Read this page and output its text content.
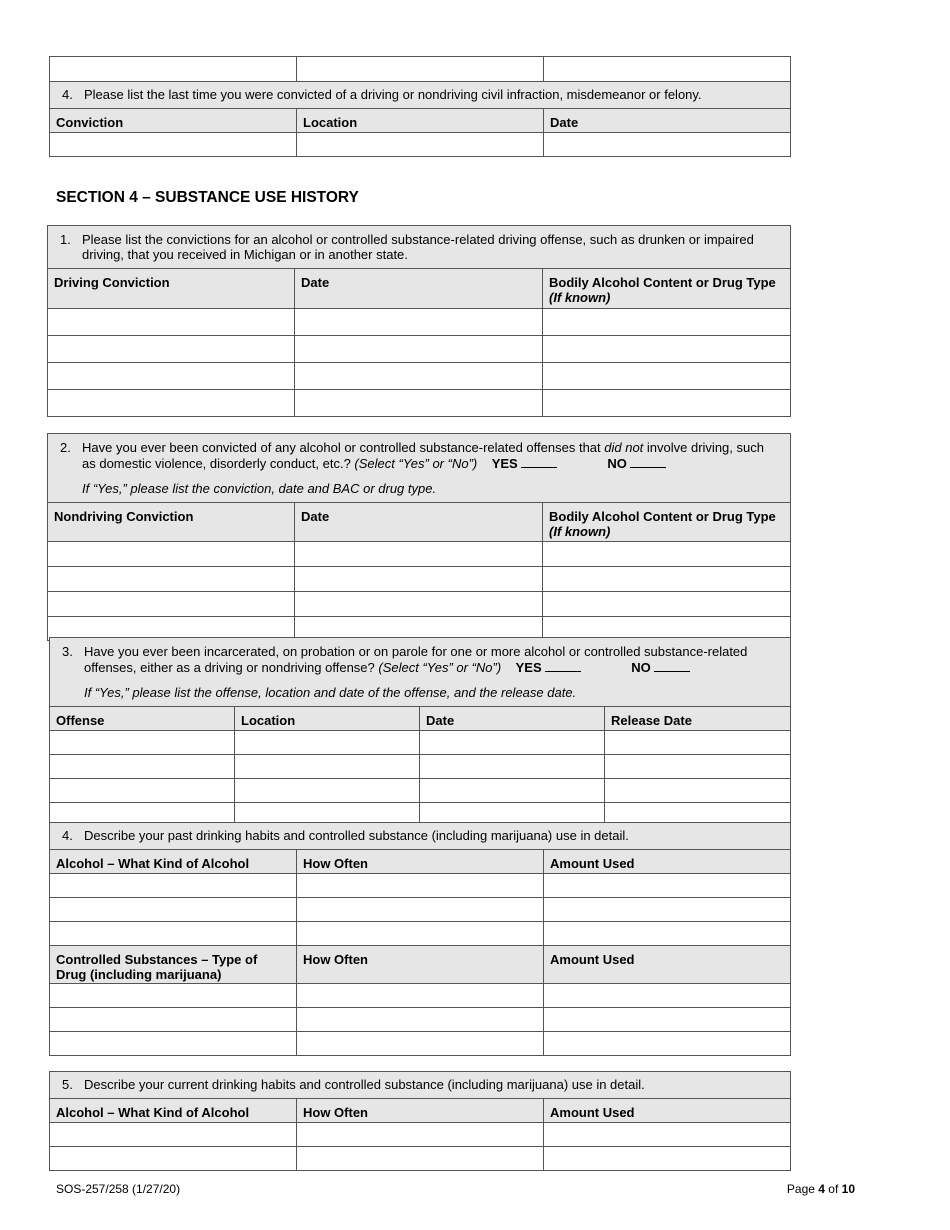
4. Please list the last time you were convicted of a driving or nondriving civil infraction, misdemeanor or felony.		
Conviction	Location	Date

SECTION 4 – SUBSTANCE USE HISTORY
1. Please list the convictions for an alcohol or controlled substance-related driving offense, such as drunken or impaired driving, that you received in Michigan or in another state.		
Driving Conviction	Date	Bodily Alcohol Content or Drug Type
(If known)

2. Have you ever been convicted of any alcohol or controlled substance-related offenses that did not involve driving, such as domestic violence, disorderly conduct, etc.? (Select “Yes” or “No”) YES NO
If “Yes,” please list the conviction, date and BAC or drug type.		
Nondriving Conviction	Date	Bodily Alcohol Content or Drug Type
(If known)

3. Have you ever been incarcerated, on probation or on parole for one or more alcohol or controlled substance-related offenses, either as a driving or nondriving offense? (Select “Yes” or “No”) YES NO
If “Yes,” please list the offense, location and date of the offense, and the release date.			
Offense	Location	Date	Release Date

4. Describe your past drinking habits and controlled substance (including marijuana) use in detail.		
Alcohol – What Kind of Alcohol	How Often	Amount Used

Controlled Substances – Type of Drug (including marijuana)	How Often	Amount Used

5. Describe your current drinking habits and controlled substance (including marijuana) use in detail.		
Alcohol – What Kind of Alcohol	How Often	Amount Used

SOS-257/258 (1/27/20)	Page 4 of 10
